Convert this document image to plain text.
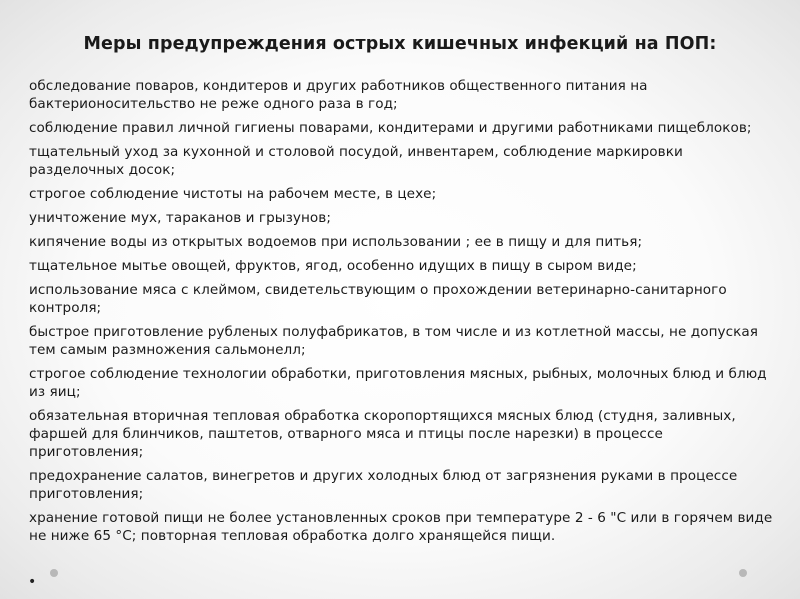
Меры предупреждения острых кишечных инфекций на ПОП:
обследование поваров, кондитеров и других работников общественного питания на бактерионосительство не реже одного раза в год;
соблюдение правил личной гигиены поварами, кондитерами и другими работниками пищеблоков;
тщательный уход за кухонной и столовой посудой, инвентарем, соблюдение маркировки разделочных досок;
строгое соблюдение чистоты на рабочем месте, в цехе;
уничтожение мух, тараканов и грызунов;
кипячение воды из открытых водоемов при использовании ; ее в пищу и для питья;
тщательное мытье овощей, фруктов, ягод, особенно идущих в пищу в сыром виде;
использование мяса с клеймом, свидетельствующим о прохождении ветеринарно-санитарного контроля;
быстрое приготовление рубленых полуфабрикатов, в том числе и из котлетной массы, не допуская тем самым размножения сальмонелл;
строгое соблюдение технологии обработки, приготовления мясных, рыбных, молочных блюд и блюд из яиц;
обязательная вторичная тепловая обработка скоропортящихся мясных блюд (студня, заливных, фаршей для блинчиков, паштетов, отварного мяса и птицы после нарезки) в процессе приготовления;
предохранение салатов, винегретов и других холодных блюд от загрязнения руками в процессе приготовления;
хранение готовой пищи не более установленных сроков при температуре 2 - 6 "С или в горячем виде не ниже 65 °С; повторная тепловая обработка долго хранящейся пищи.
•
